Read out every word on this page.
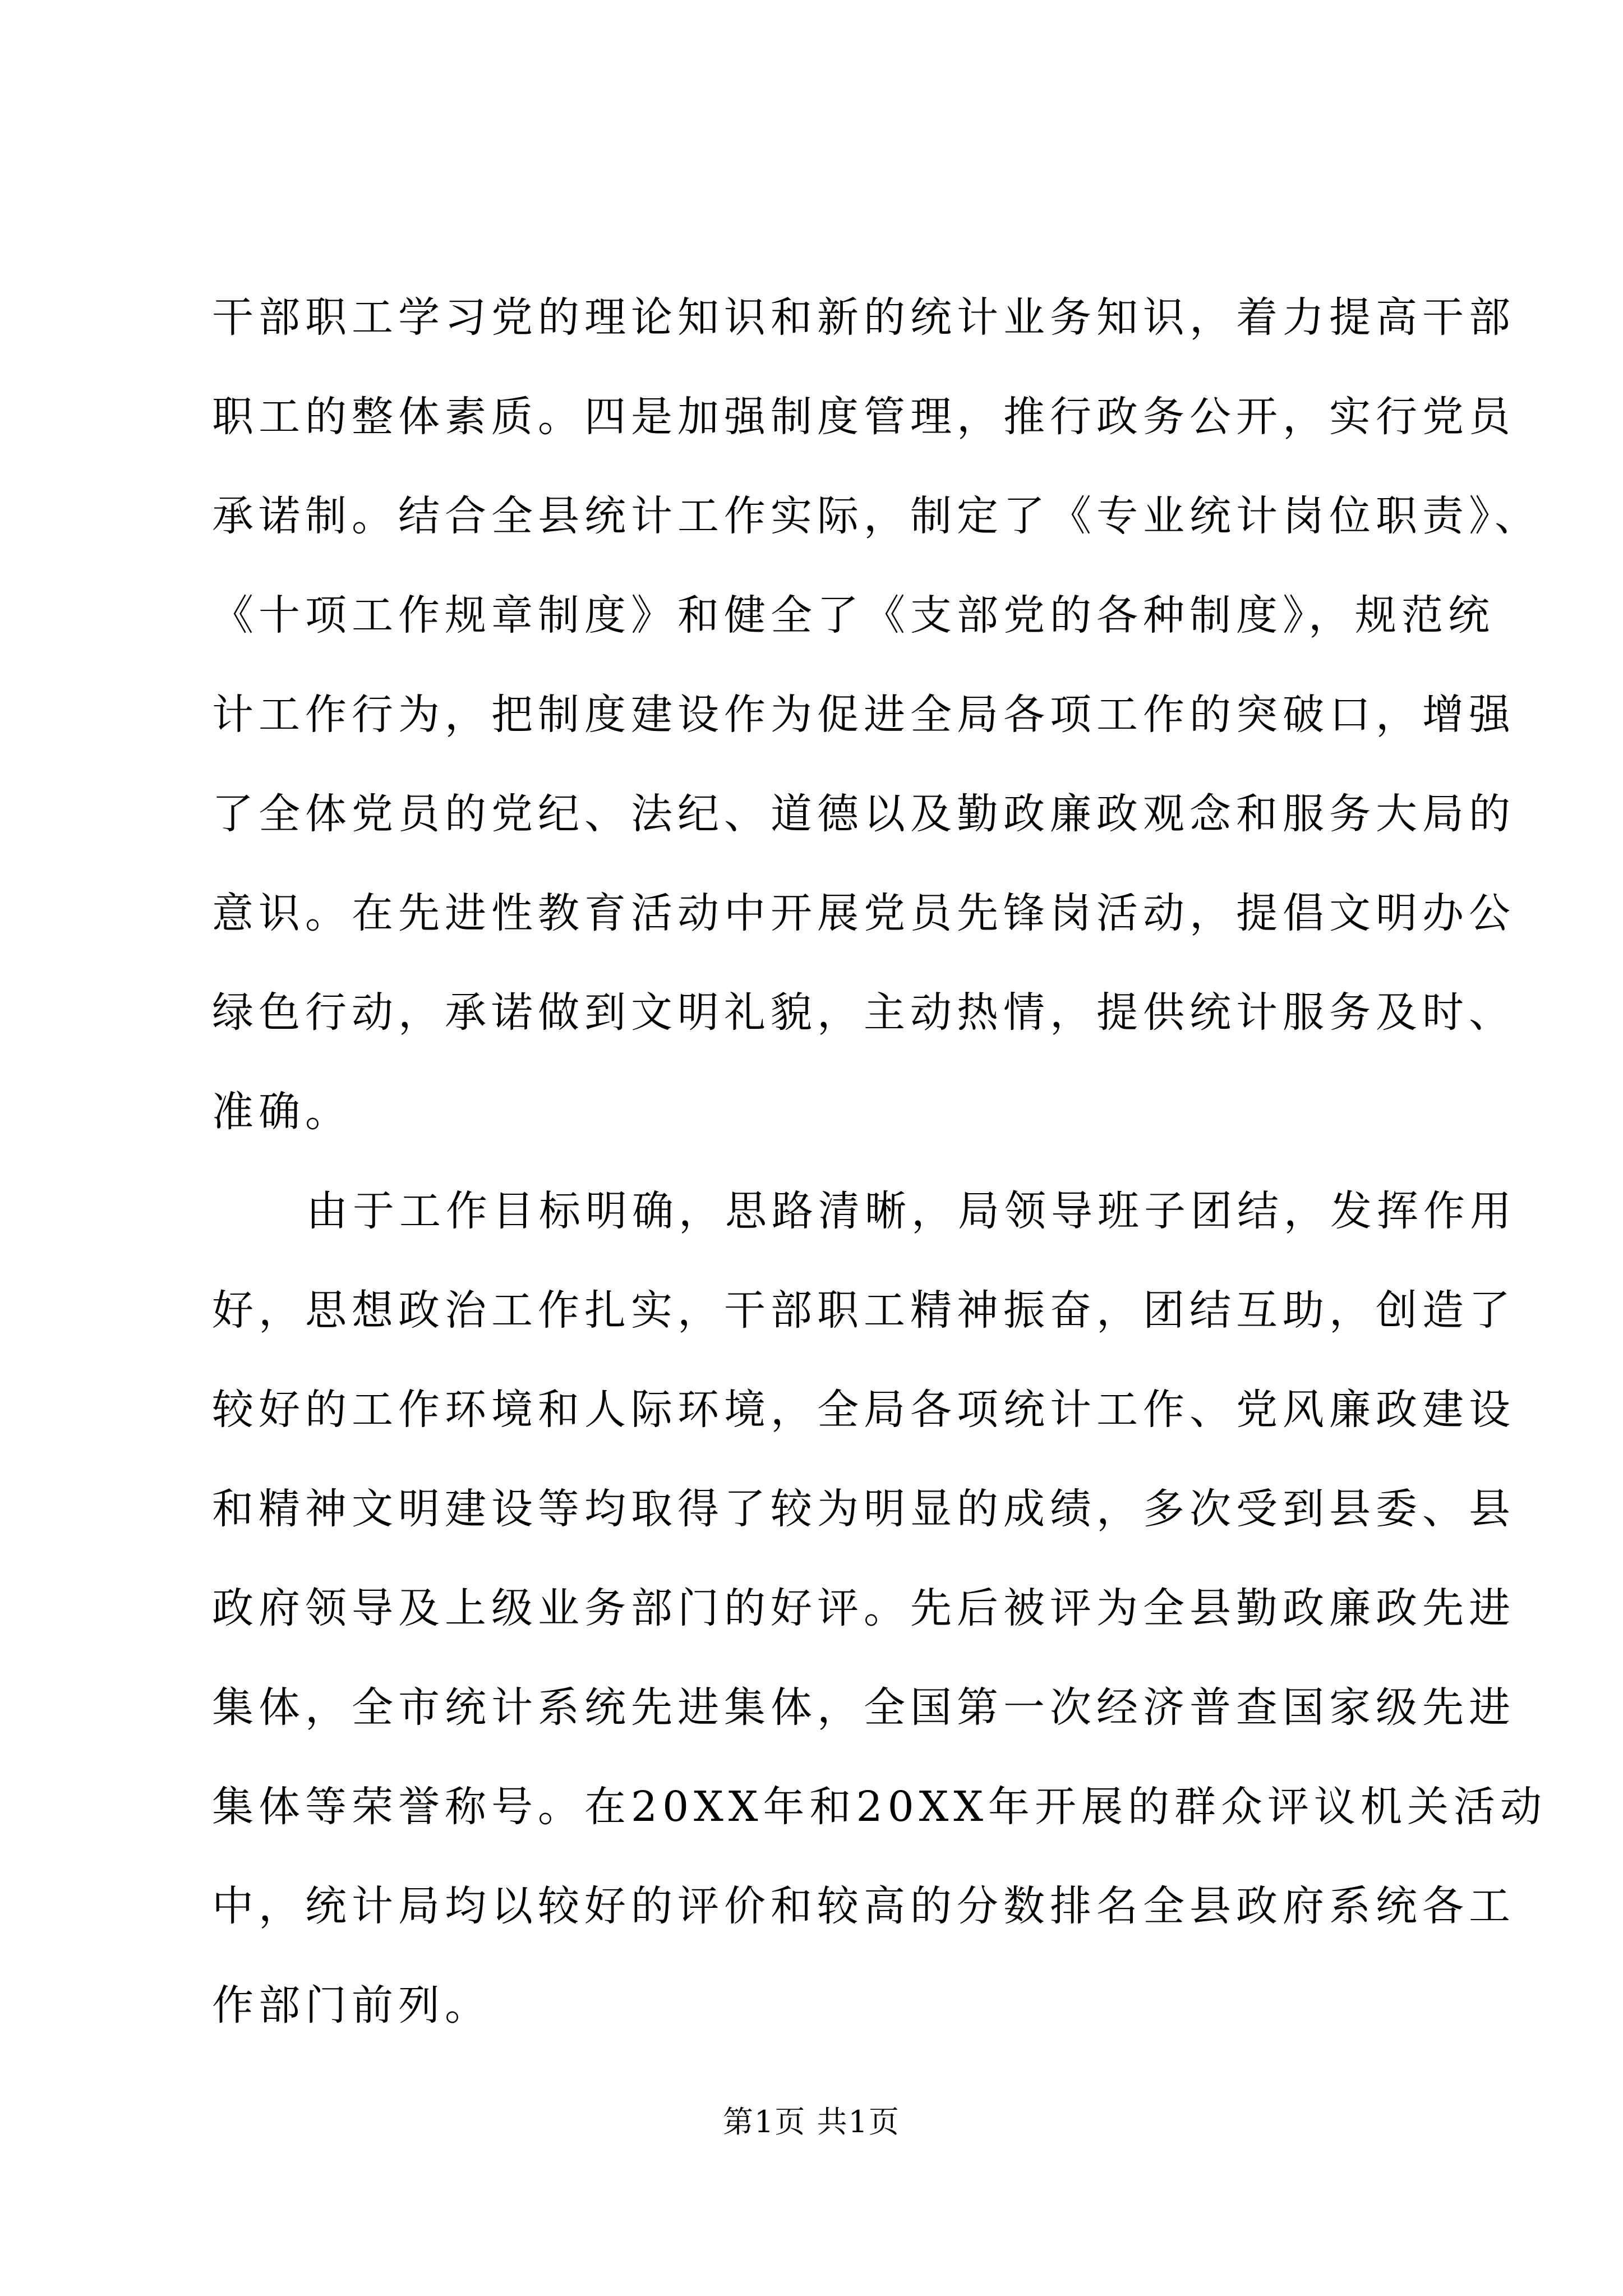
干部职工学习党的理论知识和新的统计业务知识，着力提高干部
职工的整体素质。四是加强制度管理，推行政务公开，实行党员
承诺制。结合全县统计工作实际，制定了《专业统计岗位职责》、
《十项工作规章制度》和健全了《支部党的各种制度》，规范统
计工作行为，把制度建设作为促进全局各项工作的突破口，增强
了全体党员的党纪、法纪、道德以及勤政廉政观念和服务大局的
意识。在先进性教育活动中开展党员先锋岗活动，提倡文明办公
绿色行动，承诺做到文明礼貌，主动热情，提供统计服务及时、
准确。
由于工作目标明确，思路清晰，局领导班子团结，发挥作用
好，思想政治工作扎实，干部职工精神振奋，团结互助，创造了
较好的工作环境和人际环境，全局各项统计工作、党风廉政建设
和精神文明建设等均取得了较为明显的成绩，多次受到县委、县
政府领导及上级业务部门的好评。先后被评为全县勤政廉政先进
集体，全市统计系统先进集体，全国第一次经济普查国家级先进
集体等荣誉称号。在20XX年和20XX年开展的群众评议机关活动
中，统计局均以较好的评价和较高的分数排名全县政府系统各工
作部门前列。
第1页 共1页
